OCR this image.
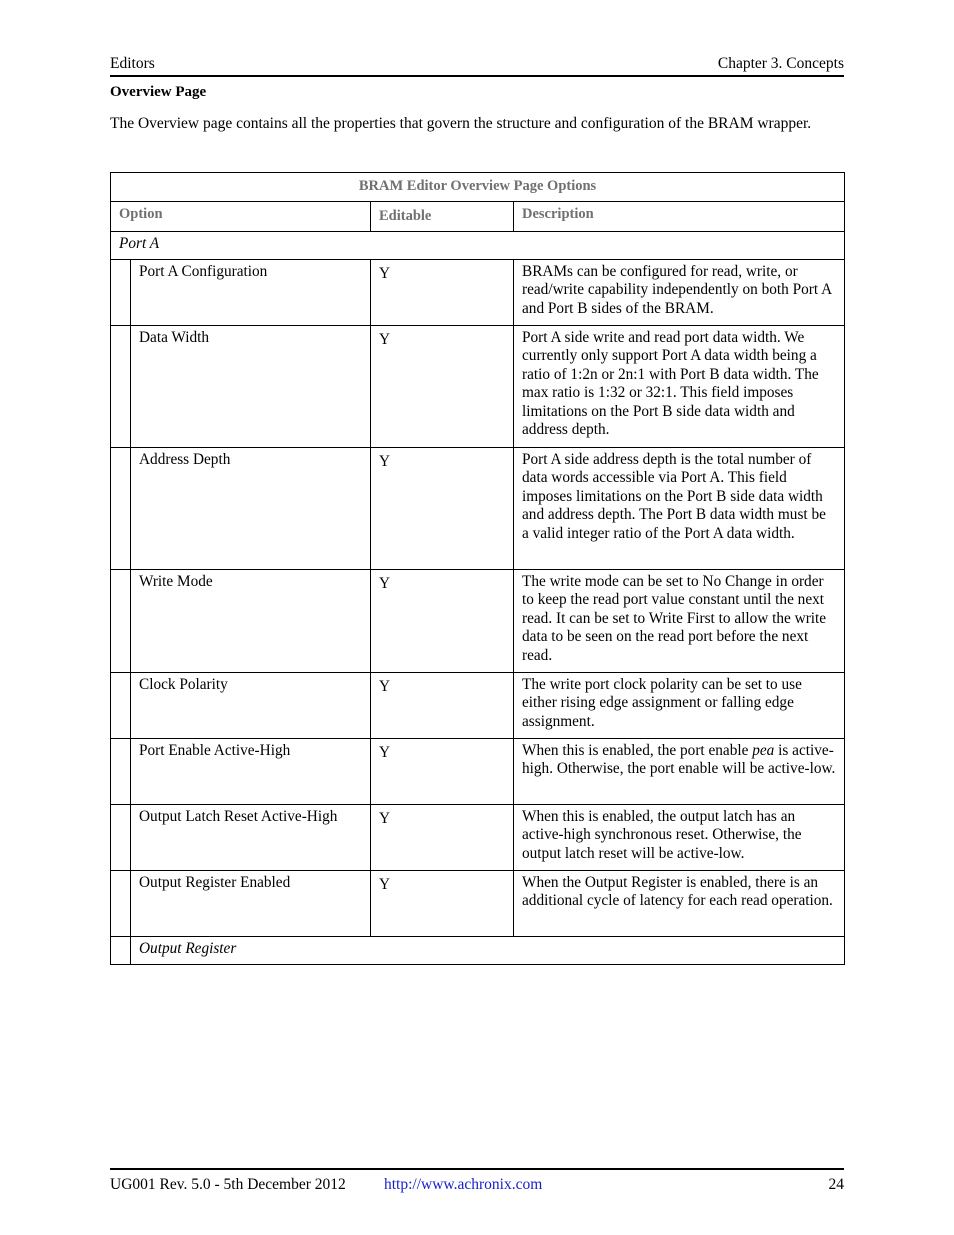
Editors	Chapter 3. Concepts
Overview Page
The Overview page contains all the properties that govern the structure and configuration of the BRAM wrapper.
BRAM Editor Overview Page Options			
Option		Editable	Description
Port A			
	Port A Configuration	Y	BRAMs can be configured for read, write, or read/write capability independently on both Port A and Port B sides of the BRAM.
	Data Width	Y	Port A side write and read port data width. We currently only support Port A data width being a ratio of 1:2n or 2n:1 with Port B data width. The max ratio is 1:32 or 32:1. This field imposes limitations on the Port B side data width and address depth.
	Address Depth	Y	Port A side address depth is the total number of data words accessible via Port A. This field imposes limitations on the Port B side data width and address depth. The Port B data width must be a valid integer ratio of the Port A data width.
	Write Mode	Y	The write mode can be set to No Change in order to keep the read port value constant until the next read. It can be set to Write First to allow the write data to be seen on the read port before the next read.
	Clock Polarity	Y	The write port clock polarity can be set to use either rising edge assignment or falling edge assignment.
	Port Enable Active-High	Y	When this is enabled, the port enable pea is active-high. Otherwise, the port enable will be active-low.
	Output Latch Reset Active-High	Y	When this is enabled, the output latch has an active-high synchronous reset. Otherwise, the output latch reset will be active-low.
	Output Register Enabled	Y	When the Output Register is enabled, there is an additional cycle of latency for each read operation.
	Output Register		
UG001 Rev. 5.0 - 5th December 2012	http://www.achronix.com	24
